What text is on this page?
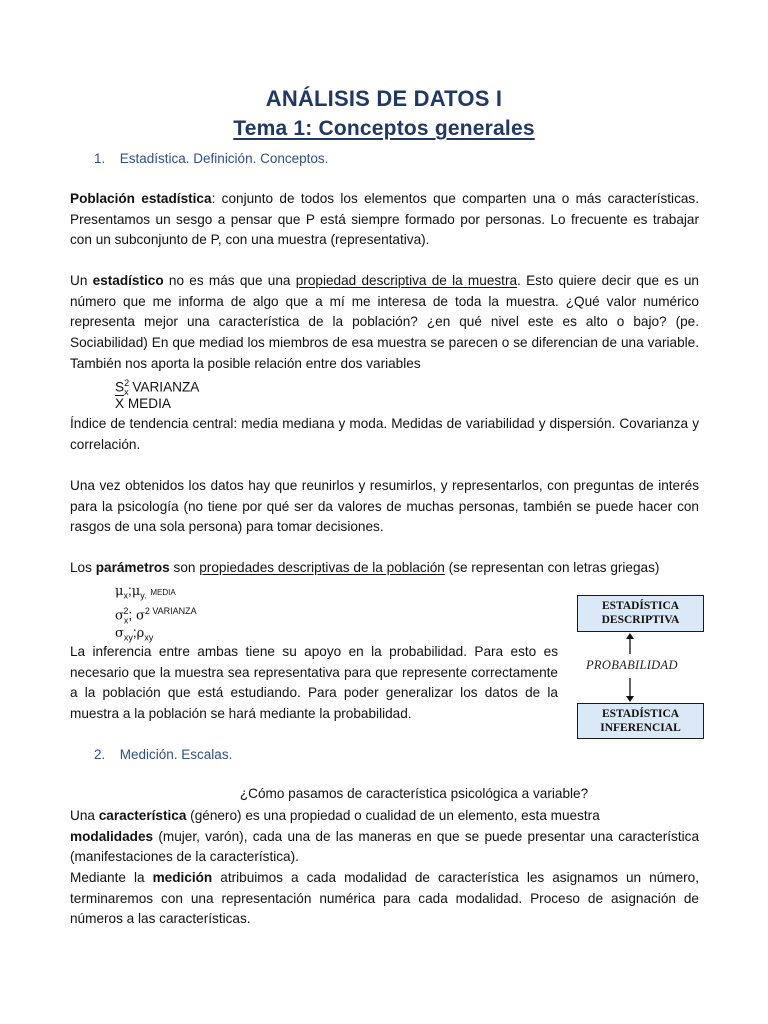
ANÁLISIS DE DATOS I
Tema 1: Conceptos generales
1. Estadística. Definición. Conceptos.
Población estadística: conjunto de todos los elementos que comparten una o más características. Presentamos un sesgo a pensar que P está siempre formado por personas. Lo frecuente es trabajar con un subconjunto de P, con una muestra (representativa).
Un estadístico no es más que una propiedad descriptiva de la muestra. Esto quiere decir que es un número que me informa de algo que a mí me interesa de toda la muestra. ¿Qué valor numérico representa mejor una característica de la población? ¿en qué nivel este es alto o bajo? (pe. Sociabilidad) En que mediad los miembros de esa muestra se parecen o se diferencian de una variable. También nos aporta la posible relación entre dos variables
$S^2_x$ VARIANZA
$\overline{X}$ MEDIA
Índice de tendencia central: media mediana y moda. Medidas de variabilidad y dispersión. Covarianza y correlación.
Una vez obtenidos los datos hay que reunirlos y resumirlos, y representarlos, con preguntas de interés para la psicología (no tiene por qué ser da valores de muchas personas, también se puede hacer con rasgos de una sola persona) para tomar decisiones.
Los parámetros son propiedades descriptivas de la población (se representan con letras griegas)
$\mu_x;\mu_{y.}$ MEDIA
$\sigma_x^2$; $\sigma^{2 VARIANZA}$
$\sigma_{xy};\rho_{xy}$
La inferencia entre ambas tiene su apoyo en la probabilidad. Para esto es necesario que la muestra sea representativa para que represente correctamente a la población que está estudiando. Para poder generalizar los datos de la muestra a la población se hará mediante la probabilidad.
ESTADÍSTICA
DESCRIPTIVA
PROBABILIDAD
ESTADÍSTICA
INFERENCIAL
2. Medición. Escalas.
¿Cómo pasamos de característica psicológica a variable?
Una característica (género) es una propiedad o cualidad de un elemento, esta muestra
modalidades (mujer, varón), cada una de las maneras en que se puede presentar una característica (manifestaciones de la característica).
Mediante la medición atribuimos a cada modalidad de característica les asignamos un número, terminaremos con una representación numérica para cada modalidad. Proceso de asignación de números a las características.
